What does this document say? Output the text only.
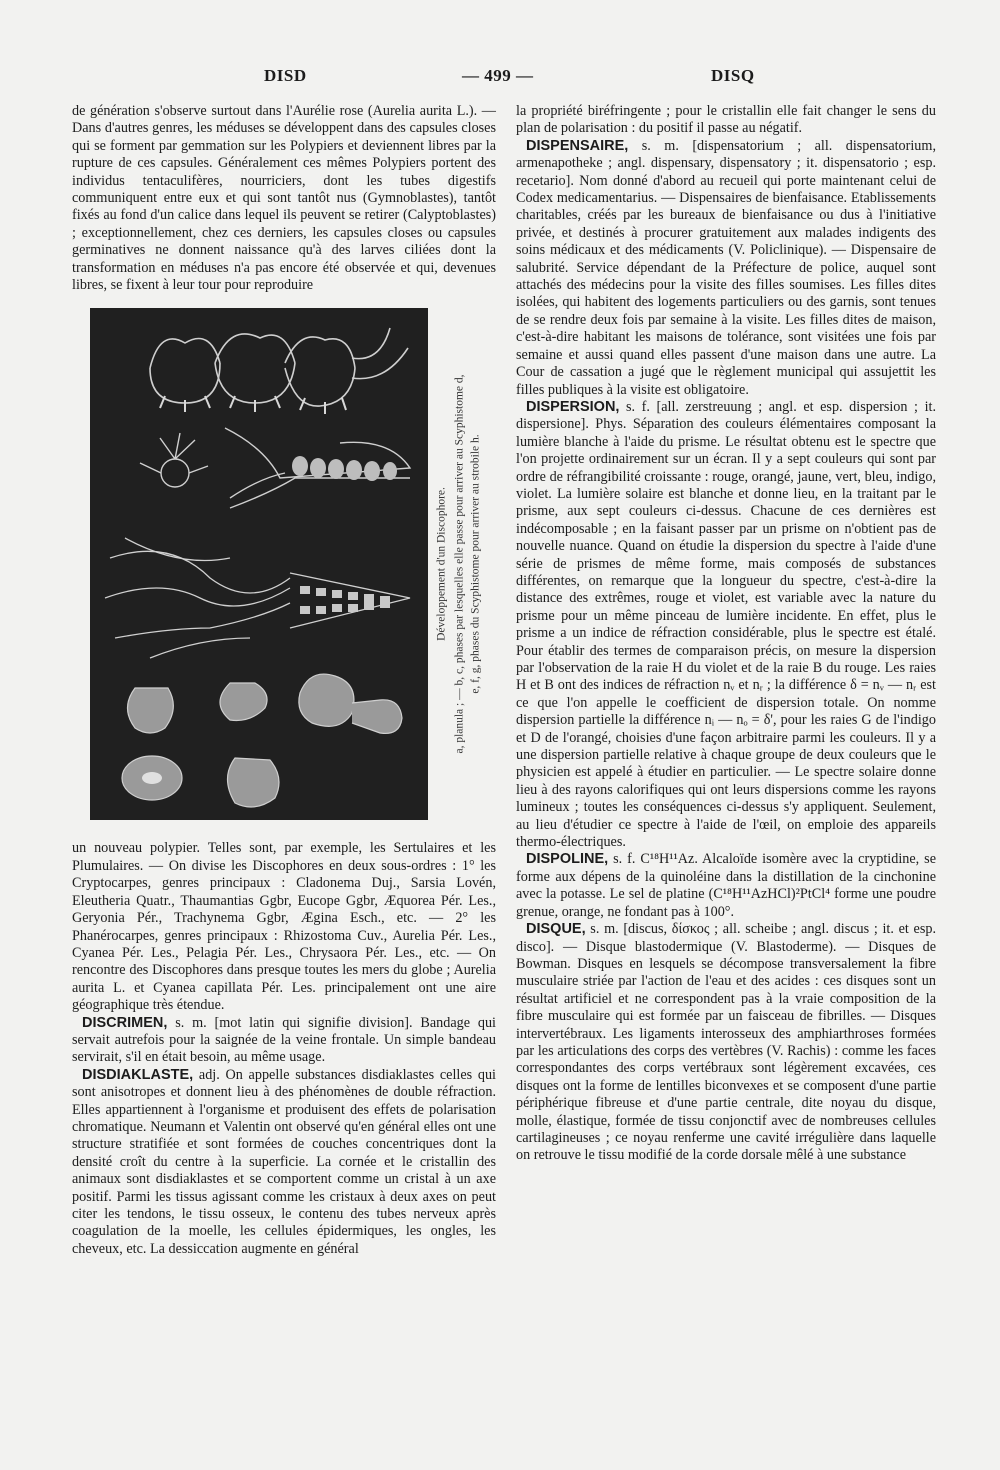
DISD	— 499 —	DISQ

de génération s'observe surtout dans l'Aurélie rose (Aurelia aurita L.). — Dans d'autres genres, les méduses se développent dans des capsules closes qui se forment par gemmation sur les Polypiers et deviennent libres par la rupture de ces capsules. Généralement ces mêmes Polypiers portent des individus tentaculifères, nourriciers, dont les tubes digestifs communiquent entre eux et qui sont tantôt nus (Gymnoblastes), tantôt fixés au fond d'un calice dans lequel ils peuvent se retirer (Calyptoblastes) ; exceptionnellement, chez ces derniers, les capsules closes ou capsules germinatives ne donnent naissance qu'à des larves ciliées dont la transformation en méduses n'a pas encore été observée et qui, devenues libres, se fixent à leur tour pour reproduire

Développement d'un Discophore. a, planula ; — b, c, phases par lesquelles elle passe pour arriver au Scyphistome d, e, f, g, phases du Scyphistome pour arriver au strobile h.

un nouveau polypier. Telles sont, par exemple, les Sertulaires et les Plumulaires. — On divise les Discophores en deux sous-ordres : 1° les Cryptocarpes, genres principaux : Cladonema Duj., Sarsia Lovén, Eleutheria Quatr., Thaumantias Ggbr, Eucope Ggbr, Æquorea Pér. Les., Geryonia Pér., Trachynema Ggbr, Ægina Esch., etc. — 2° les Phanérocarpes, genres principaux : Rhizostoma Cuv., Aurelia Pér. Les., Cyanea Pér. Les., Pelagia Pér. Les., Chrysaora Pér. Les., etc. — On rencontre des Discophores dans presque toutes les mers du globe ; Aurelia aurita L. et Cyanea capillata Pér. Les. principalement ont une aire géographique très étendue.

DISCRIMEN, s. m. [mot latin qui signifie division]. Bandage qui servait autrefois pour la saignée de la veine frontale. Un simple bandeau servirait, s'il en était besoin, au même usage.

DISDIAKLASTE, adj. On appelle substances disdiaklastes celles qui sont anisotropes et donnent lieu à des phénomènes de double réfraction. Elles appartiennent à l'organisme et produisent des effets de polarisation chromatique. Neumann et Valentin ont observé qu'en général elles ont une structure stratifiée et sont formées de couches concentriques dont la densité croît du centre à la superficie. La cornée et le cristallin des animaux sont disdiaklastes et se comportent comme un cristal à un axe positif. Parmi les tissus agissant comme les cristaux à deux axes on peut citer les tendons, le tissu osseux, le contenu des tubes nerveux après coagulation de la moelle, les cellules épidermiques, les ongles, les cheveux, etc. La dessiccation augmente en général

la propriété biréfringente ; pour le cristallin elle fait changer le sens du plan de polarisation : du positif il passe au négatif.

DISPENSAIRE, s. m. [dispensatorium ; all. dispensatorium, armenapotheke ; angl. dispensary, dispensatory ; it. dispensatorio ; esp. recetario]. Nom donné d'abord au recueil qui porte maintenant celui de Codex medicamentarius. — Dispensaires de bienfaisance. Etablissements charitables, créés par les bureaux de bienfaisance ou dus à l'initiative privée, et destinés à procurer gratuitement aux malades indigents des soins médicaux et des médicaments (V. Policlinique). — Dispensaire de salubrité. Service dépendant de la Préfecture de police, auquel sont attachés des médecins pour la visite des filles soumises. Les filles dites isolées, qui habitent des logements particuliers ou des garnis, sont tenues de se rendre deux fois par semaine à la visite. Les filles dites de maison, c'est-à-dire habitant les maisons de tolérance, sont visitées une fois par semaine et aussi quand elles passent d'une maison dans une autre. La Cour de cassation a jugé que le règlement municipal qui assujettit les filles publiques à la visite est obligatoire.

DISPERSION, s. f. [all. zerstreuung ; angl. et esp. dispersion ; it. dispersione]. Phys. Séparation des couleurs élémentaires composant la lumière blanche à l'aide du prisme. Le résultat obtenu est le spectre que l'on projette ordinairement sur un écran. Il y a sept couleurs qui sont par ordre de réfrangibilité croissante : rouge, orangé, jaune, vert, bleu, indigo, violet. La lumière solaire est blanche et donne lieu, en la traitant par le prisme, aux sept couleurs ci-dessus. Chacune de ces dernières est indécomposable ; en la faisant passer par un prisme on n'obtient pas de nouvelle nuance. Quand on étudie la dispersion du spectre à l'aide d'une série de prismes de même forme, mais composés de substances différentes, on remarque que la longueur du spectre, c'est-à-dire la distance des extrêmes, rouge et violet, est variable avec la nature du prisme pour un même pinceau de lumière incidente. En effet, plus le prisme a un indice de réfraction considérable, plus le spectre est étalé. Pour établir des termes de comparaison précis, on mesure la dispersion par l'observation de la raie H du violet et de la raie B du rouge. Les raies H et B ont des indices de réfraction nᵥ et nᵣ ; la différence δ = nᵥ — nᵣ est ce que l'on appelle le coefficient de dispersion totale. On nomme dispersion partielle la différence nᵢ — nₒ = δ', pour les raies G de l'indigo et D de l'orangé, choisies d'une façon arbitraire parmi les couleurs. Il y a une dispersion partielle relative à chaque groupe de deux couleurs que le physicien est appelé à étudier en particulier. — Le spectre solaire donne lieu à des rayons calorifiques qui ont leurs dispersions comme les rayons lumineux ; toutes les conséquences ci-dessus s'y appliquent. Seulement, au lieu d'étudier ce spectre à l'aide de l'œil, on emploie des appareils thermo-électriques.

DISPOLINE, s. f. C¹⁸H¹¹Az. Alcaloïde isomère avec la cryptidine, se forme aux dépens de la quinoléine dans la distillation de la cinchonine avec la potasse. Le sel de platine (C¹⁸H¹¹AzHCl)²PtCl⁴ forme une poudre grenue, orange, ne fondant pas à 100°.

DISQUE, s. m. [discus, δίσκος ; all. scheibe ; angl. discus ; it. et esp. disco]. — Disque blastodermique (V. Blastoderme). — Disques de Bowman. Disques en lesquels se décompose transversalement la fibre musculaire striée par l'action de l'eau et des acides : ces disques sont un résultat artificiel et ne correspondent pas à la vraie composition de la fibre musculaire qui est formée par un faisceau de fibrilles. — Disques intervertébraux. Les ligaments interosseux des amphiarthroses formées par les articulations des corps des vertèbres (V. Rachis) : comme les faces correspondantes des corps vertébraux sont légèrement excavées, ces disques ont la forme de lentilles biconvexes et se composent d'une partie périphérique fibreuse et d'une partie centrale, dite noyau du disque, molle, élastique, formée de tissu conjonctif avec de nombreuses cellules cartilagineuses ; ce noyau renferme une cavité irrégulière dans laquelle on retrouve le tissu modifié de la corde dorsale mêlé à une substance
